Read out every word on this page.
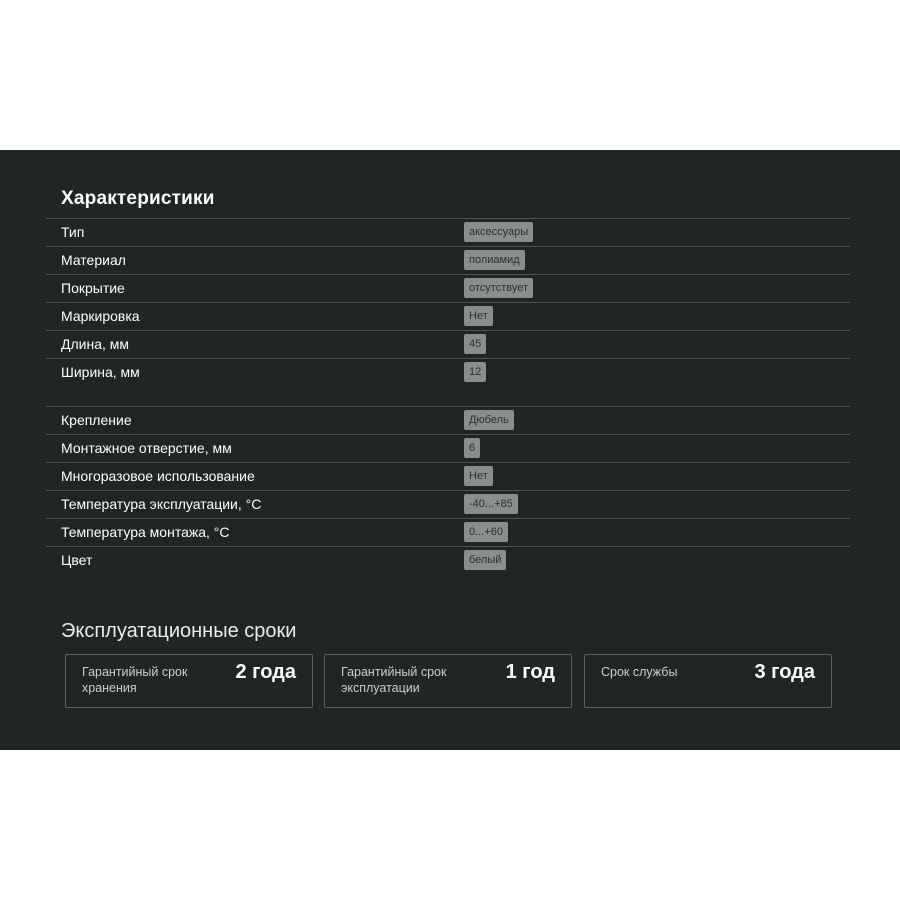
Характеристики
Тип	аксессуары
Материал	полиамид
Покрытие	отсутствует
Маркировка	Нет
Длина, мм	45
Ширина, мм	12
Крепление	Дюбель
Монтажное отверстие, мм	6
Многоразовое использование	Нет
Температура эксплуатации, °С	-40...+85
Температура монтажа, °С	0...+60
Цвет	белый
Эксплуатационные сроки
Гарантийный срок хранения
2 года	Гарантийный срок эксплуатации
1 год	Срок службы	3 года
